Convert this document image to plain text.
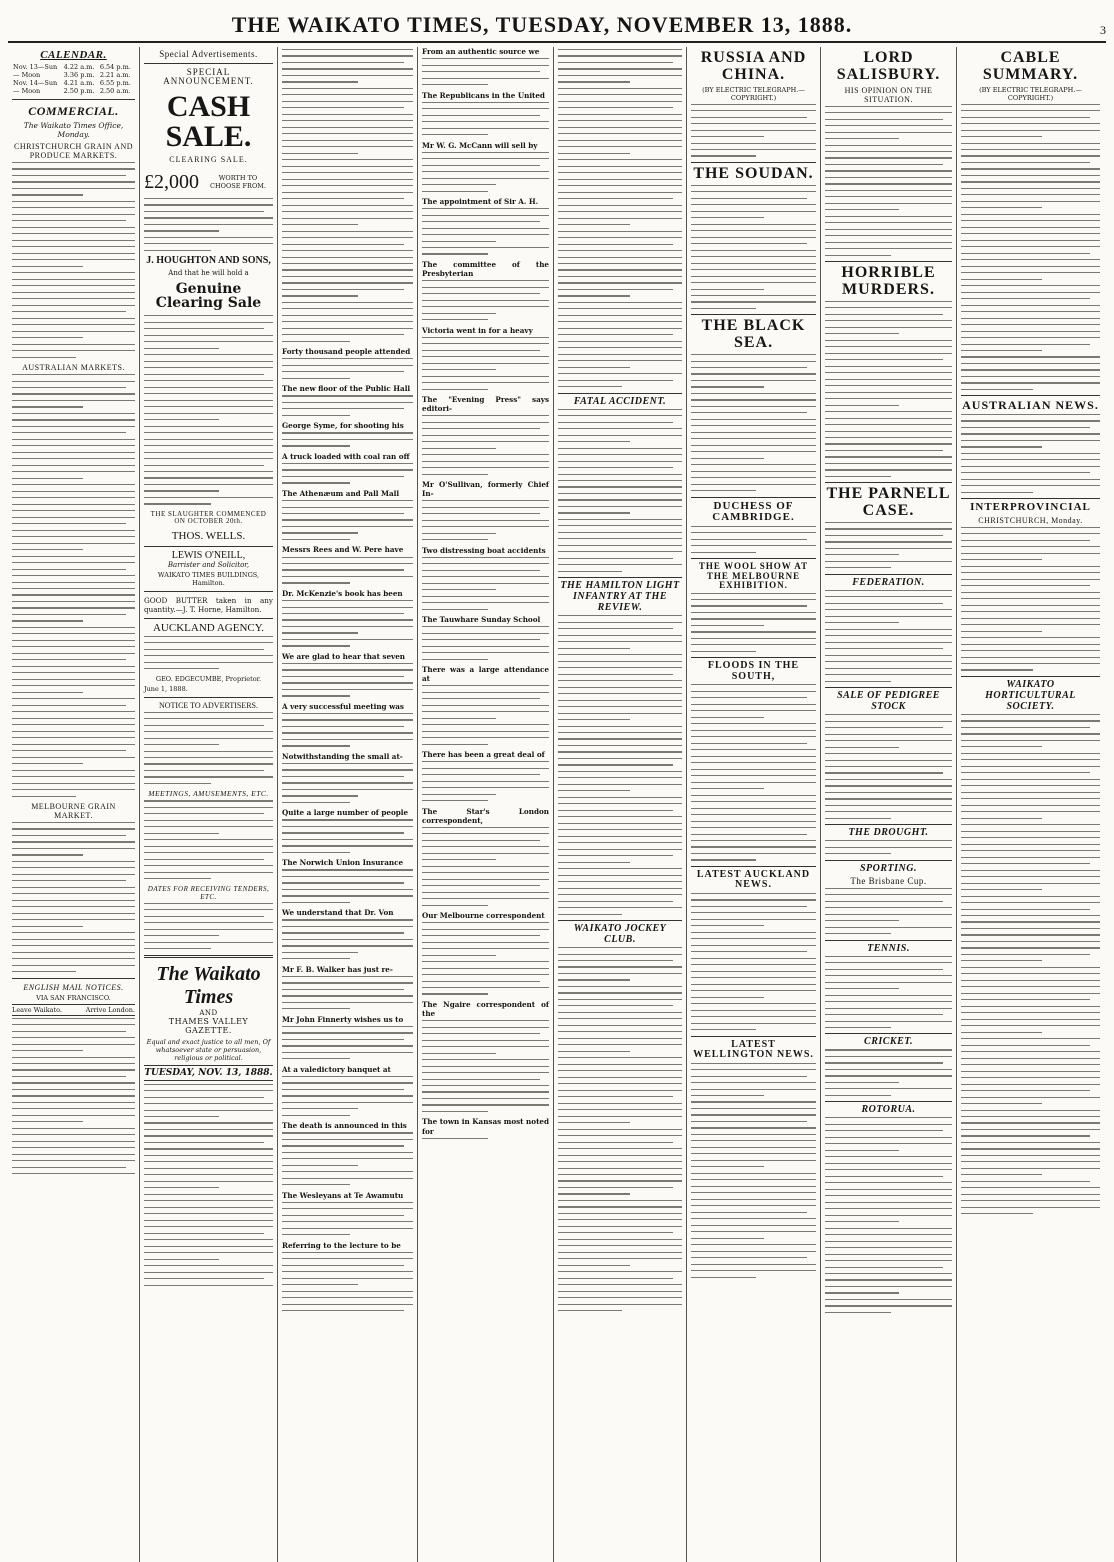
THE WAIKATO TIMES, TUESDAY, NOVEMBER 13, 1888.	3
CALENDAR.
Nov. 13—Sun	4.22 a.m.	6.54 p.m.
— Moon	3.36 p.m.	2.21 a.m.
Nov. 14—Sun	4.21 a.m.	6.55 p.m.
— Moon	2.50 p.m.	2.50 a.m.
COMMERCIAL.
The Waikato Times Office, Monday.
CHRISTCHURCH GRAIN AND PRODUCE MARKETS.
AUSTRALIAN MARKETS.
MELBOURNE GRAIN MARKET.
ENGLISH MAIL NOTICES.
VIA SAN FRANCISCO.
Leave Waikato.	Arrive London.
Special Advertisements.
SPECIAL ANNOUNCEMENT.
CASH SALE.
CLEARING SALE.
£2,000	WORTH TO CHOOSE FROM.
J. HOUGHTON AND SONS,
And that he will hold a
Genuine Clearing Sale
THE SLAUGHTER COMMENCED ON OCTOBER 20th.
THOS. WELLS.
LEWIS O'NEILL,
Barrister and Solicitor,
WAIKATO TIMES BUILDINGS, Hamilton.

GOOD BUTTER taken in any quantity.—J. T. Horne, Hamilton.

AUCKLAND AGENCY.
GEO. EDGECUMBE, Proprietor.
June 1, 1888.
NOTICE TO ADVERTISERS.
MEETINGS, AMUSEMENTS, ETC.
DATES FOR RECEIVING TENDERS, ETC.
The Waikato Times
AND
THAMES VALLEY GAZETTE.
Equal and exact justice to all men, Of whatsoever state or persuasion, religious or political.
TUESDAY, NOV. 13, 1888.

Forty thousand people attended

The new floor of the Public Hall

George Syme, for shooting his

A truck loaded with coal ran off

The Athenæum and Pall Mall

Messrs Rees and W. Pere have

Dr. McKenzie's book has been

We are glad to hear that seven

A very successful meeting was

Notwithstanding the small at-

Quite a large number of people

The Norwich Union Insurance

We understand that Dr. Von

Mr F. B. Walker has just re-

Mr John Finnerty wishes us to

At a valedictory banquet at

The death is announced in this

The Wesleyans at Te Awamutu

Referring to the lecture to be

From an authentic source we

The Republicans in the United

Mr W. G. McCann will sell by

The appointment of Sir A. H.

The committee of the Presbyterian

Victoria went in for a heavy

The "Evening Press" says editori-

Mr O'Sullivan, formerly Chief In-

Two distressing boat accidents

The Tauwhare Sunday School

There was a large attendance at

There has been a great deal of

The Star's London correspondent,

Our Melbourne correspondent

The Ngaire correspondent of the

The town in Kansas most noted for

FATAL ACCIDENT.
THE HAMILTON LIGHT INFANTRY AT THE REVIEW.
WAIKATO JOCKEY CLUB.
RUSSIA AND CHINA.
(BY ELECTRIC TELEGRAPH.—COPYRIGHT.)
THE SOUDAN.
THE BLACK SEA.
DUCHESS OF CAMBRIDGE.
THE WOOL SHOW AT THE MELBOURNE EXHIBITION.
FLOODS IN THE SOUTH,
LATEST AUCKLAND NEWS.
LATEST WELLINGTON NEWS.
LORD SALISBURY.
HIS OPINION ON THE SITUATION.
HORRIBLE MURDERS.
THE PARNELL CASE.
FEDERATION.
SALE OF PEDIGREE STOCK
THE DROUGHT.
SPORTING.
The Brisbane Cup.
TENNIS.
CRICKET.
ROTORUA.
CABLE SUMMARY.
(BY ELECTRIC TELEGRAPH.—COPYRIGHT.)
AUSTRALIAN NEWS.
INTERPROVINCIAL
CHRISTCHURCH, Monday.
WAIKATO HORTICULTURAL SOCIETY.
